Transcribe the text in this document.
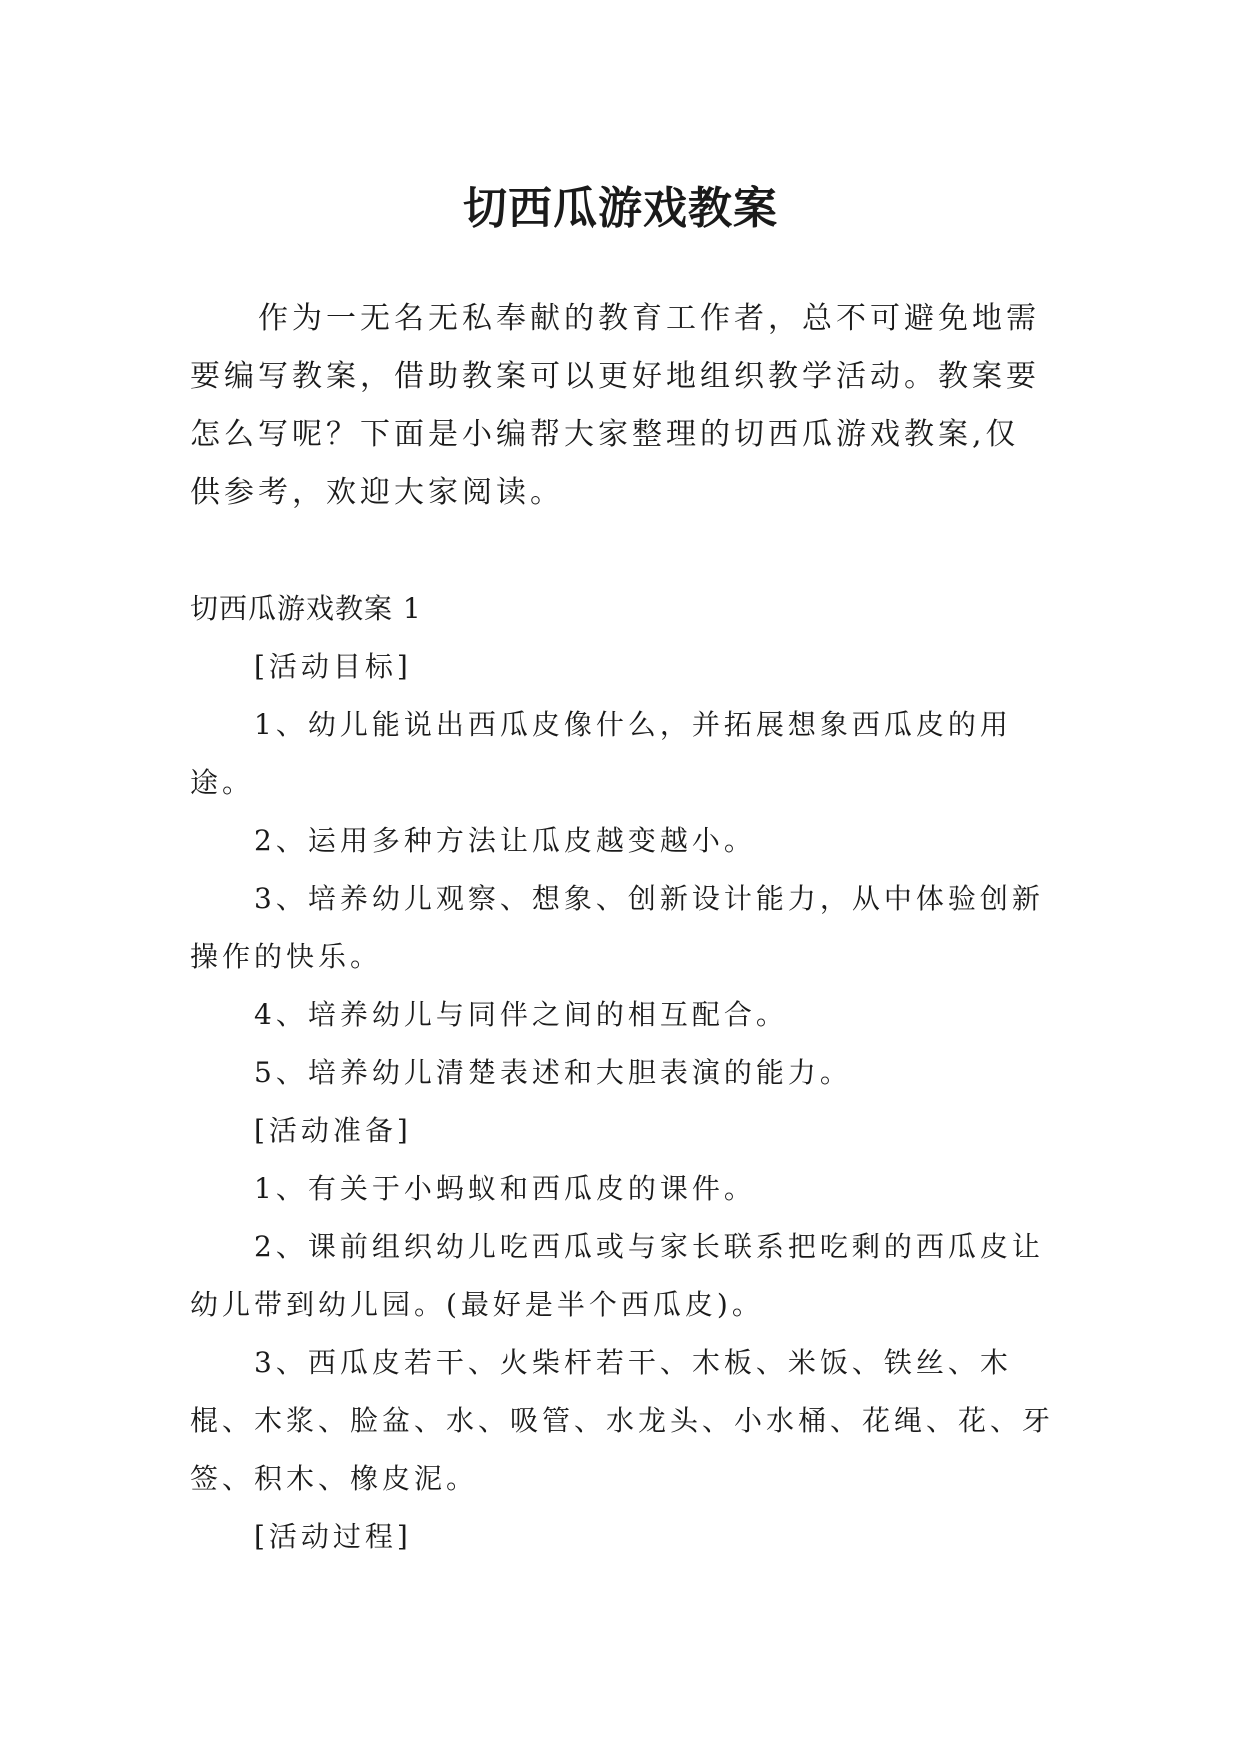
切西瓜游戏教案

作为一无名无私奉献的教育工作者，总不可避免地需要编写教案，借助教案可以更好地组织教学活动。教案要怎么写呢？下面是小编帮大家整理的切西瓜游戏教案,仅供参考，欢迎大家阅读。

切西瓜游戏教案 1

[活动目标]

1、幼儿能说出西瓜皮像什么，并拓展想象西瓜皮的用途。

2、运用多种方法让瓜皮越变越小。

3、培养幼儿观察、想象、创新设计能力，从中体验创新操作的快乐。

4、培养幼儿与同伴之间的相互配合。

5、培养幼儿清楚表述和大胆表演的能力。

[活动准备]

1、有关于小蚂蚁和西瓜皮的课件。

2、课前组织幼儿吃西瓜或与家长联系把吃剩的西瓜皮让幼儿带到幼儿园。(最好是半个西瓜皮)。

3、西瓜皮若干、火柴杆若干、木板、米饭、铁丝、木棍、木浆、脸盆、水、吸管、水龙头、小水桶、花绳、花、牙签、积木、橡皮泥。

[活动过程]
